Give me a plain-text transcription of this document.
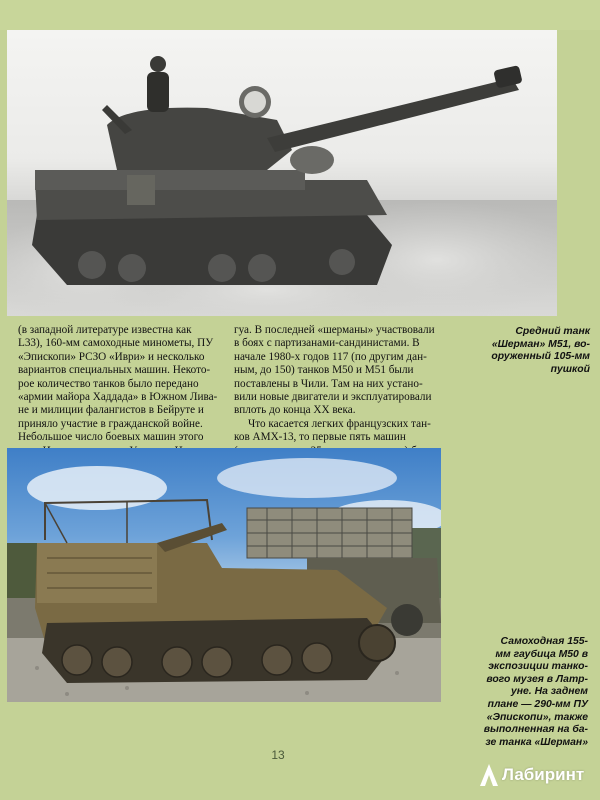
(в западной литературе известна как

L33), 160-мм самоходные минометы, ПУ

«Эпископи» РСЗО «Иври» и несколько

вариантов специальных машин. Некото-

рое количество танков было передано

«армии майора Хаддада» в Южном Лива-

не и милиции фалангистов в Бейруте и

приняло участие в гражданской войне.

Небольшое число боевых машин этого

гуа. В последней «шерманы» участвовали

в боях с партизанами-сандинистами. В

начале 1980-х годов 117 (по другим дан-

ным, до 150) танков М50 и М51 были

поставлены в Чили. Там на них устано-

вили новые двигатели и эксплуатировали

вплоть до конца XX века.

Что касается легких французских тан-

ков АМХ-13, то первые пять машин

Средний танк
«Шерман» М51, во-
оруженный 105-мм
пушкой
Самоходная 155-
мм гаубица М50 в
экспозиции танко-
вого музея в Латр-
уне. На заднем
плане — 290-мм ПУ
«Эпископи», также
выполненная на ба-
зе танка «Шерман»
13
Лабиринт
